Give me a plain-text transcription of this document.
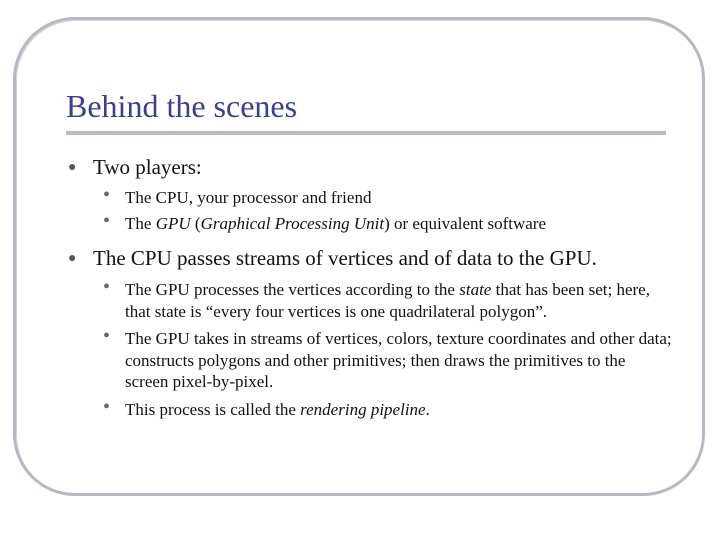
Behind the scenes
● Two players:
• The CPU, your processor and friend
• The GPU (Graphical Processing Unit) or equivalent software
● The CPU passes streams of vertices and of data to the GPU.
• The GPU processes the vertices according to the state that has been set; here, that state is “every four vertices is one quadrilateral polygon”.
• The GPU takes in streams of vertices, colors, texture coordinates and other data; constructs polygons and other primitives; then draws the primitives to the screen pixel-by-pixel.
• This process is called the rendering pipeline.
